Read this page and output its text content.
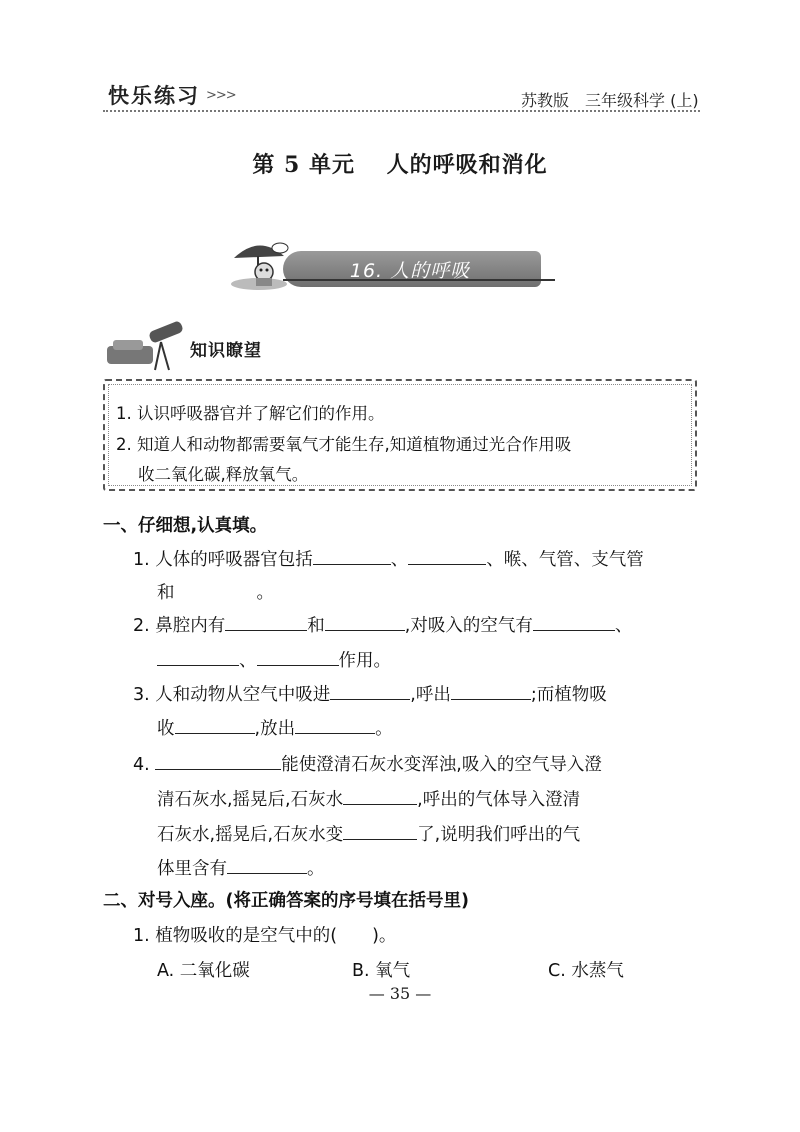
快乐练习 >>>	苏教版　三年级科学 (上)
第 5 单元　 人的呼吸和消化
16. 人的呼吸
知识瞭望
1. 认识呼吸器官并了解它们的作用。
2. 知道人和动物都需要氧气才能生存,知道植物通过光合作用吸
收二氧化碳,释放氧气。
一、仔细想,认真填。
1. 人体的呼吸器官包括	、	、喉、气管、支气管
和	。
2. 鼻腔内有	和	,对吸入的空气有	、
、	作用。
3. 人和动物从空气中吸进	,呼出	;而植物吸
收	,放出	。
4.	能使澄清石灰水变浑浊,吸入的空气导入澄
清石灰水,摇晃后,石灰水	,呼出的气体导入澄清
石灰水,摇晃后,石灰水变	了,说明我们呼出的气
体里含有	。
二、对号入座。(将正确答案的序号填在括号里)
1. 植物吸收的是空气中的(　　)。
A. 二氧化碳	B. 氧气	C. 水蒸气
— 35 —
